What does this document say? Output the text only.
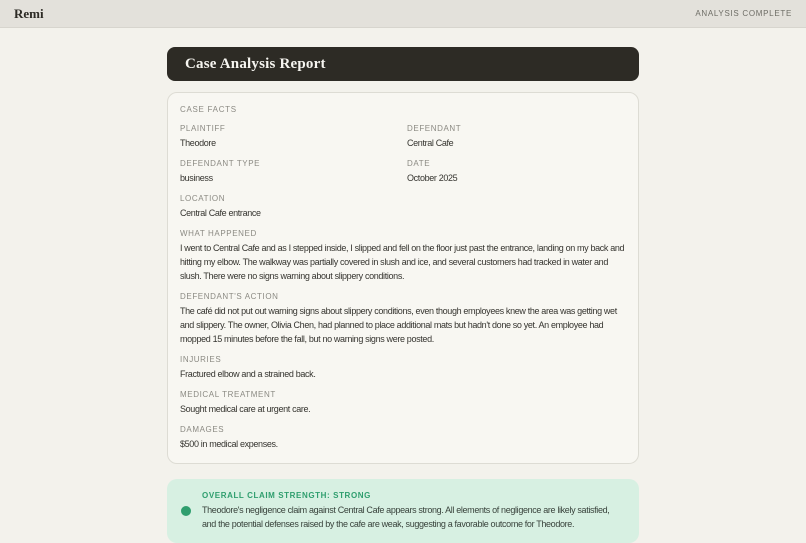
Remi	ANALYSIS COMPLETE
Case Analysis Report
CASE FACTS
PLAINTIFF
Theodore
DEFENDANT
Central Cafe
DEFENDANT TYPE
business
DATE
October 2025
LOCATION
Central Cafe entrance
WHAT HAPPENED
I went to Central Cafe and as I stepped inside, I slipped and fell on the floor just past the entrance, landing on my back and hitting my elbow. The walkway was partially covered in slush and ice, and several customers had tracked in water and slush. There were no signs warning about slippery conditions.
DEFENDANT'S ACTION
The café did not put out warning signs about slippery conditions, even though employees knew the area was getting wet and slippery. The owner, Olivia Chen, had planned to place additional mats but hadn't done so yet. An employee had mopped 15 minutes before the fall, but no warning signs were posted.
INJURIES
Fractured elbow and a strained back.
MEDICAL TREATMENT
Sought medical care at urgent care.
DAMAGES
$500 in medical expenses.
OVERALL CLAIM STRENGTH: STRONG
Theodore's negligence claim against Central Cafe appears strong. All elements of negligence are likely satisfied, and the potential defenses raised by the cafe are weak, suggesting a favorable outcome for Theodore.
